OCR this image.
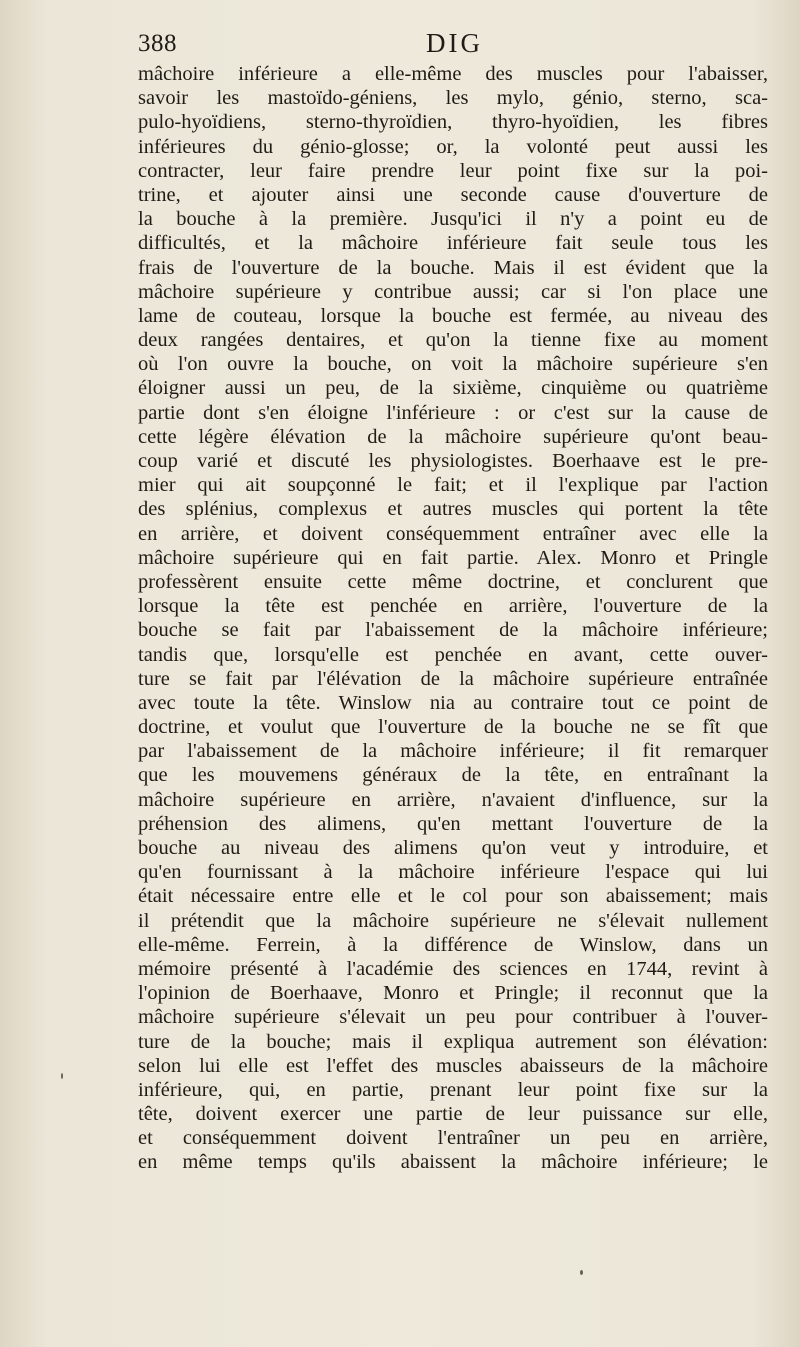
388	DIG
mâchoire inférieure a elle-même des muscles pour l'abaisser,
savoir les mastoïdo-géniens, les mylo, génio, sterno, sca-
pulo-hyoïdiens, sterno-thyroïdien, thyro-hyoïdien, les fibres
inférieures du génio-glosse; or, la volonté peut aussi les
contracter, leur faire prendre leur point fixe sur la poi-
trine, et ajouter ainsi une seconde cause d'ouverture de
la bouche à la première. Jusqu'ici il n'y a point eu de
difficultés, et la mâchoire inférieure fait seule tous les
frais de l'ouverture de la bouche. Mais il est évident que la
mâchoire supérieure y contribue aussi; car si l'on place une
lame de couteau, lorsque la bouche est fermée, au niveau des
deux rangées dentaires, et qu'on la tienne fixe au moment
où l'on ouvre la bouche, on voit la mâchoire supérieure s'en
éloigner aussi un peu, de la sixième, cinquième ou quatrième
partie dont s'en éloigne l'inférieure : or c'est sur la cause de
cette légère élévation de la mâchoire supérieure qu'ont beau-
coup varié et discuté les physiologistes. Boerhaave est le pre-
mier qui ait soupçonné le fait; et il l'explique par l'action
des splénius, complexus et autres muscles qui portent la tête
en arrière, et doivent conséquemment entraîner avec elle la
mâchoire supérieure qui en fait partie. Alex. Monro et Pringle
professèrent ensuite cette même doctrine, et conclurent que
lorsque la tête est penchée en arrière, l'ouverture de la
bouche se fait par l'abaissement de la mâchoire inférieure;
tandis que, lorsqu'elle est penchée en avant, cette ouver-
ture se fait par l'élévation de la mâchoire supérieure entraînée
avec toute la tête. Winslow nia au contraire tout ce point de
doctrine, et voulut que l'ouverture de la bouche ne se fît que
par l'abaissement de la mâchoire inférieure; il fit remarquer
que les mouvemens généraux de la tête, en entraînant la
mâchoire supérieure en arrière, n'avaient d'influence, sur la
préhension des alimens, qu'en mettant l'ouverture de la
bouche au niveau des alimens qu'on veut y introduire, et
qu'en fournissant à la mâchoire inférieure l'espace qui lui
était nécessaire entre elle et le col pour son abaissement; mais
il prétendit que la mâchoire supérieure ne s'élevait nullement
elle-même. Ferrein, à la différence de Winslow, dans un
mémoire présenté à l'académie des sciences en 1744, revint à
l'opinion de Boerhaave, Monro et Pringle; il reconnut que la
mâchoire supérieure s'élevait un peu pour contribuer à l'ouver-
ture de la bouche; mais il expliqua autrement son élévation:
selon lui elle est l'effet des muscles abaisseurs de la mâchoire
inférieure, qui, en partie, prenant leur point fixe sur la
tête, doivent exercer une partie de leur puissance sur elle,
et conséquemment doivent l'entraîner un peu en arrière,
en même temps qu'ils abaissent la mâchoire inférieure; le
